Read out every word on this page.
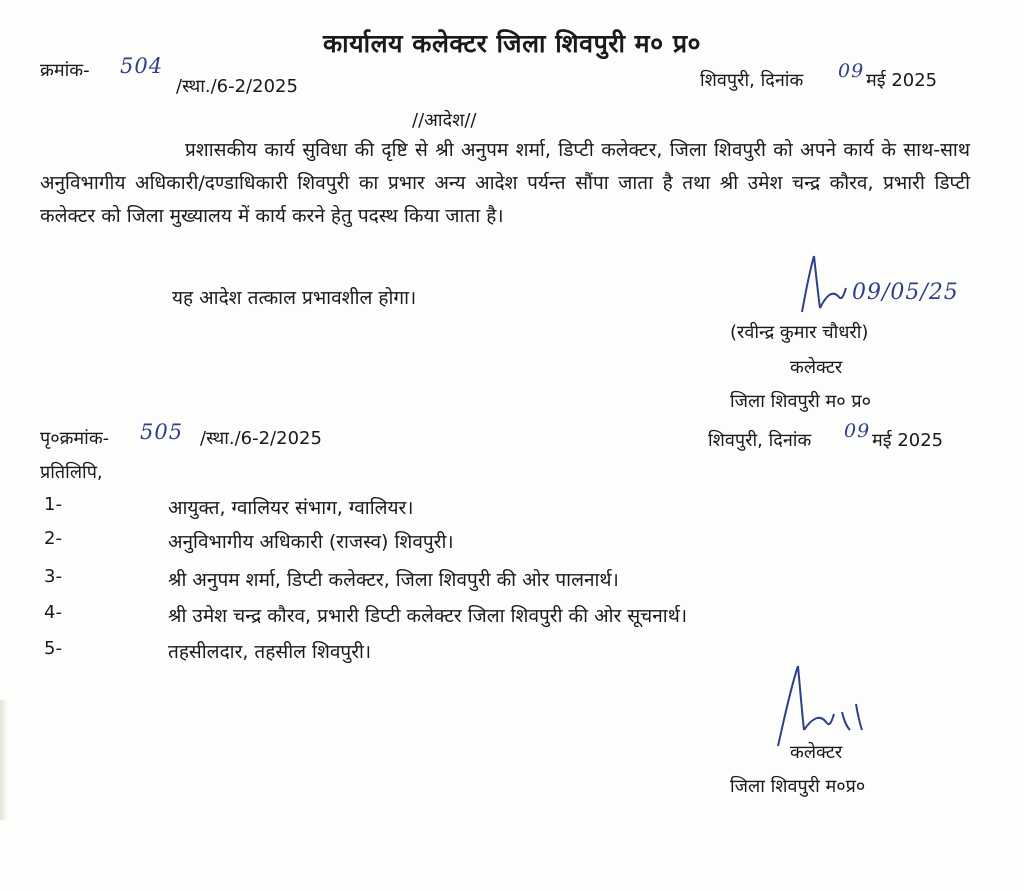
कार्यालय कलेक्टर जिला शिवपुरी म० प्र०
क्रमांक- 504
/स्था./6-2/2025	शिवपुरी, दिनांक 09 मई 2025
//आदेश//
प्रशासकीय कार्य सुविधा की दृष्टि से श्री अनुपम शर्मा, डिप्टी कलेक्टर, जिला शिवपुरी को अपने कार्य के साथ-साथ अनुविभागीय अधिकारी/दण्डाधिकारी शिवपुरी का प्रभार अन्य आदेश पर्यन्त सौंपा जाता है तथा श्री उमेश चन्द्र कौरव, प्रभारी डिप्टी कलेक्टर को जिला मुख्यालय में कार्य करने हेतु पदस्थ किया जाता है।
यह आदेश तत्काल प्रभावशील होगा।	09/05/25
(रवीन्द्र कुमार चौधरी)
कलेक्टर
जिला शिवपुरी म० प्र०
पृ०क्रमांक- 505 /स्था./6-2/2025	शिवपुरी, दिनांक 09 मई 2025
प्रतिलिपि,
1-	आयुक्त, ग्वालियर संभाग, ग्वालियर।
2-	अनुविभागीय अधिकारी (राजस्व) शिवपुरी।
3-	श्री अनुपम शर्मा, डिप्टी कलेक्टर, जिला शिवपुरी की ओर पालनार्थ।
4-	श्री उमेश चन्द्र कौरव, प्रभारी डिप्टी कलेक्टर जिला शिवपुरी की ओर सूचनार्थ।
5-	तहसीलदार, तहसील शिवपुरी।
कलेक्टर
जिला शिवपुरी म०प्र०
